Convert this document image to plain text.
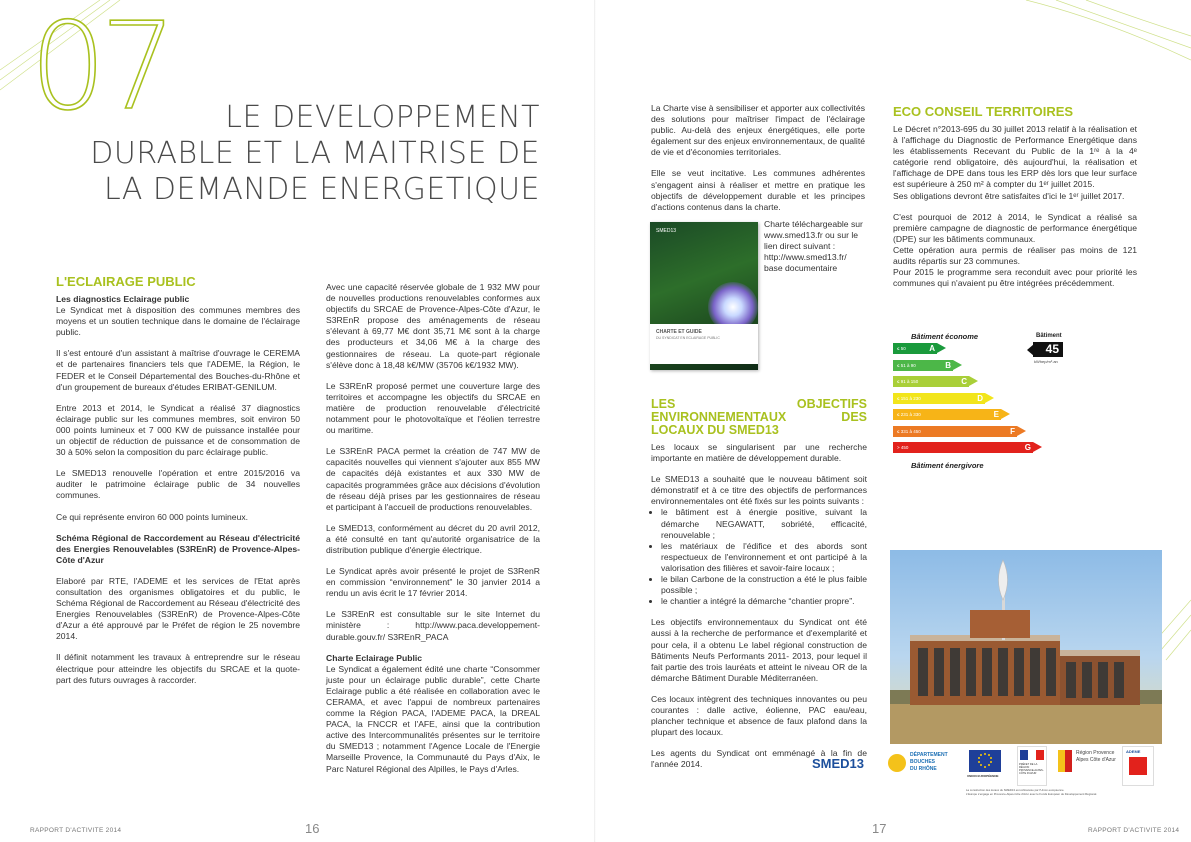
07	LE DEVELOPPEMENT
DURABLE ET LA MAITRISE DE
LA DEMANDE ENERGETIQUE
L'ECLAIRAGE PUBLIC

Les diagnostics Eclairage public

Le Syndicat met à disposition des communes membres des moyens et un soutien technique dans le domaine de l'éclairage public.

Il s'est entouré d'un assistant à maîtrise d'ouvrage le CEREMA et de partenaires financiers tels que l'ADEME, la Région, le FEDER et le Conseil Départemental des Bouches-du-Rhône et d'un groupement de bureaux d'études ERIBAT-GENILUM.

Entre 2013 et 2014, le Syndicat a réalisé 37 diagnostics éclairage public sur les communes membres, soit environ 50 000 points lumineux et 7 000 KW de puissance installée pour un objectif de réduction de puissance et de consommation de 30 à 50% selon la composition du parc éclairage public.

Le SMED13 renouvelle l'opération et entre 2015/2016 va auditer le patrimoine éclairage public de 34 nouvelles communes.

Ce qui représente environ 60 000 points lumineux.

Schéma Régional de Raccordement au Réseau d'électricité des Energies Renouvelables (S3REnR) de Provence-Alpes-Côte d'Azur

Elaboré par RTE, l'ADEME et les services de l'Etat après consultation des organismes obligatoires et du public, le Schéma Régional de Raccordement au Réseau d'électricité des Energies Renouvelables (S3REnR) de Provence-Alpes-Côte d'Azur a été approuvé par le Préfet de région le 25 novembre 2014.

Il définit notamment les travaux à entreprendre sur le réseau électrique pour atteindre les objectifs du SRCAE et la quote-part des futurs ouvrages à raccorder.

Avec une capacité réservée globale de 1 932 MW pour de nouvelles productions renouvelables conformes aux objectifs du SRCAE de Provence-Alpes-Côte d'Azur, le S3REnR propose des aménagements de réseau s'élevant à 69,77 M€ dont 35,71 M€ sont à la charge des producteurs et 34,06 M€ à la charge des gestionnaires de réseau. La quote-part régionale s'élève donc à 18,48 k€/MW (35706 k€/1932 MW).

Le S3REnR proposé permet une couverture large des territoires et accompagne les objectifs du SRCAE en matière de production renouvelable d'électricité notamment pour le photovoltaïque et l'éolien terrestre ou maritime.

Le S3REnR PACA permet la création de 747 MW de capacités nouvelles qui viennent s'ajouter aux 855 MW de capacités déjà existantes et aux 330 MW de capacités programmées grâce aux décisions d'évolution de réseau déjà prises par les gestionnaires de réseau et participant à l'accueil de productions renouvelables.

Le SMED13, conformément au décret du 20 avril 2012, a été consulté en tant qu'autorité organisatrice de la distribution publique d'énergie électrique.

Le Syndicat après avoir présenté le projet de S3RenR en commission “environnement” le 30 janvier 2014 a rendu un avis écrit le 17 février 2014.

Le S3REnR est consultable sur le site Internet du ministère : http://www.paca.developpement-durable.gouv.fr/ S3REnR_PACA

Charte Eclairage Public

Le Syndicat a également édité une charte “Consommer juste pour un éclairage public durable”, cette Charte Eclairage public a été réalisée en collaboration avec le CERAMA, et avec l'appui de nombreux partenaires comme la Région PACA, l'ADEME PACA, la DREAL PACA, la FNCCR et l'AFE, ainsi que la contribution active des Intercommunalités présentes sur le territoire du SMED13 ; notamment l'Agence Locale de l'Energie Marseille Provence, la Communauté du Pays d'Aix, le Parc Naturel Régional des Alpilles, le Pays d'Arles.

RAPPORT D'ACTIVITE 2014	16

La Charte vise à sensibiliser et apporter aux collectivités des solutions pour maîtriser l'impact de l'éclairage public. Au-delà des enjeux énergétiques, elle porte également sur des enjeux environnementaux, de qualité de vie et d'économies territoriales.

Elle se veut incitative. Les communes adhérentes s'engagent ainsi à réaliser et mettre en pratique les objectifs de développement durable et les principes d'actions contenus dans la charte.

SMED13
CHARTE ET GUIDE
DU SYNDICAT EN ECLAIRAGE PUBLIC
Charte téléchargeable sur www.smed13.fr ou sur le lien direct suivant : http://www.smed13.fr/ base documentaire
LES OBJECTIFS ENVIRONNEMENTAUX DES LOCAUX DU SMED13

Les locaux se singularisent par une recherche importante en matière de développement durable.

Le SMED13 a souhaité que le nouveau bâtiment soit démonstratif et à ce titre des objectifs de performances environnementales ont été fixés sur les points suivants :

• le bâtiment est à énergie positive, suivant la démarche NEGAWATT, sobriété, efficacité, renouvelable ;
• les matériaux de l'édifice et des abords sont respectueux de l'environnement et ont participé à la valorisation des filières et savoir-faire locaux ;
• le bilan Carbone de la construction a été le plus faible possible ;
• le chantier a intégré la démarche “chantier propre”.

Les objectifs environnementaux du Syndicat ont été aussi à la recherche de performance et d'exemplarité et pour cela, il a obtenu Le label régional construction de Bâtiments Neufs Performants 2011- 2013, pour lequel il fait partie des trois lauréats et atteint le niveau OR de la démarche Bâtiment Durable Méditerranéen.

Ces locaux intègrent des techniques innovantes ou peu courantes : dalle active, éolienne, PAC eau/eau, plancher technique et absence de faux plafond dans la plupart des locaux.

Les agents du Syndicat ont emménagé à la fin de l'année 2014.

ECO CONSEIL TERRITOIRES

Le Décret n°2013-695 du 30 juillet 2013 relatif à la réalisation et à l'affichage du Diagnostic de Performance Energétique dans les établissements Recevant du Public de la 1ʳᵉ à la 4ᵉ catégorie rend obligatoire, dès aujourd'hui, la réalisation et l'affichage de DPE dans tous les ERP dès lors que leur surface est supérieure à 250 m² à compter du 1ᵉʳ juillet 2015.

Ses obligations devront être satisfaites d'ici le 1ᵉʳ juillet 2017.

C'est pourquoi de 2012 à 2014, le Syndicat a réalisé sa première campagne de diagnostic de performance énergétique (DPE) sur les bâtiments communaux.

Cette opération aura permis de réaliser pas moins de 121 audits répartis sur 23 communes.

Pour 2015 le programme sera reconduit avec pour priorité les communes qui n'avaient pu être intégrées précédemment.

Bâtiment économe
≤ 50	A
≤ 51 à 90	B
≤ 91 à 150	C
≤ 151 à 230	D
≤ 231 à 330	E
≤ 331 à 450	F
> 450	G
Bâtiment énergivore
Bâtiment
45
kWhep/m².an
SMED13
DÉPARTEMENT
BOUCHES
DU RHÔNE
UNION EUROPÉENNE
PRÉFET DE LA RÉGION PROVENCE-ALPES-CÔTE D'AZUR
Région Provence Alpes Côte d'Azur
ADEME
La construction des locaux du SMED13 est cofinancée par l'Union européenne.
L'Europe s'engage en Provence-Alpes-Côte d'Azur avec le Fonds Européen de Développement Régional.
17	RAPPORT D'ACTIVITE 2014
